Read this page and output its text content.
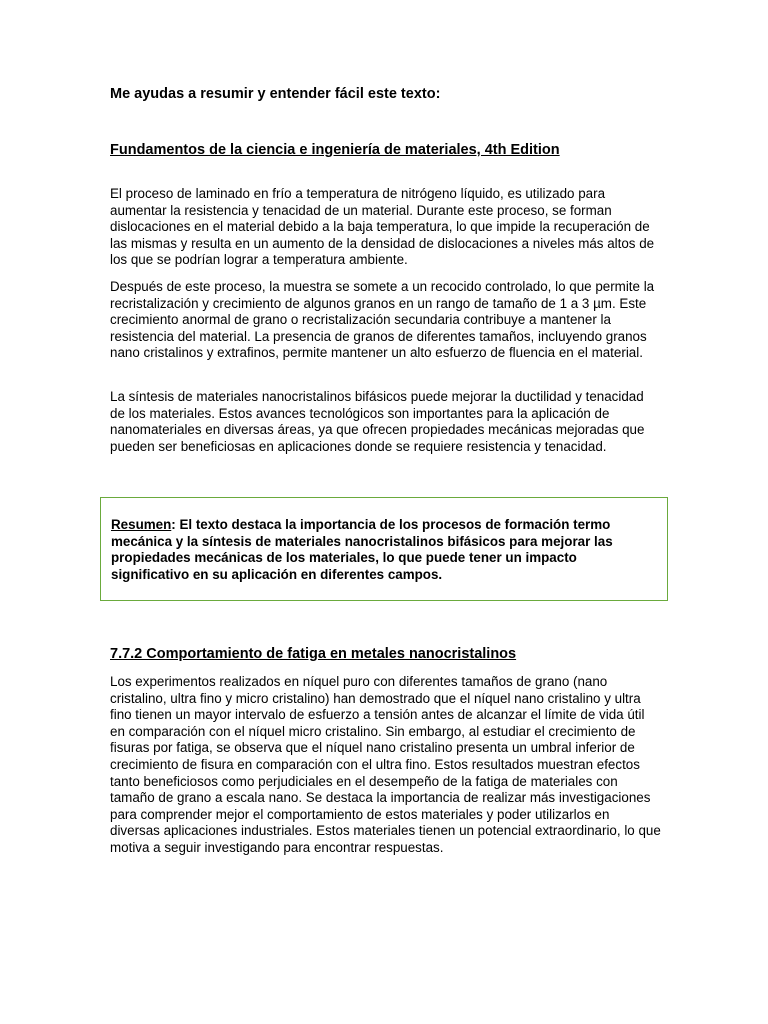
Me ayudas a resumir y entender fácil este texto:

Fundamentos de la ciencia e ingeniería de materiales, 4th Edition

El proceso de laminado en frío a temperatura de nitrógeno líquido, es utilizado para aumentar la resistencia y tenacidad de un material. Durante este proceso, se forman dislocaciones en el material debido a la baja temperatura, lo que impide la recuperación de las mismas y resulta en un aumento de la densidad de dislocaciones a niveles más altos de los que se podrían lograr a temperatura ambiente.

Después de este proceso, la muestra se somete a un recocido controlado, lo que permite la recristalización y crecimiento de algunos granos en un rango de tamaño de 1 a 3 µm. Este crecimiento anormal de grano o recristalización secundaria contribuye a mantener la resistencia del material. La presencia de granos de diferentes tamaños, incluyendo granos nano cristalinos y extrafinos, permite mantener un alto esfuerzo de fluencia en el material.

La síntesis de materiales nanocristalinos bifásicos puede mejorar la ductilidad y tenacidad de los materiales. Estos avances tecnológicos son importantes para la aplicación de nanomateriales en diversas áreas, ya que ofrecen propiedades mecánicas mejoradas que pueden ser beneficiosas en aplicaciones donde se requiere resistencia y tenacidad.

Resumen: El texto destaca la importancia de los procesos de formación termo mecánica y la síntesis de materiales nanocristalinos bifásicos para mejorar las propiedades mecánicas de los materiales, lo que puede tener un impacto significativo en su aplicación en diferentes campos.

7.7.2 Comportamiento de fatiga en metales nanocristalinos

Los experimentos realizados en níquel puro con diferentes tamaños de grano (nano cristalino, ultra fino y micro cristalino) han demostrado que el níquel nano cristalino y ultra fino tienen un mayor intervalo de esfuerzo a tensión antes de alcanzar el límite de vida útil en comparación con el níquel micro cristalino. Sin embargo, al estudiar el crecimiento de fisuras por fatiga, se observa que el níquel nano cristalino presenta un umbral inferior de crecimiento de fisura en comparación con el ultra fino. Estos resultados muestran efectos tanto beneficiosos como perjudiciales en el desempeño de la fatiga de materiales con tamaño de grano a escala nano. Se destaca la importancia de realizar más investigaciones para comprender mejor el comportamiento de estos materiales y poder utilizarlos en diversas aplicaciones industriales. Estos materiales tienen un potencial extraordinario, lo que motiva a seguir investigando para encontrar respuestas.
